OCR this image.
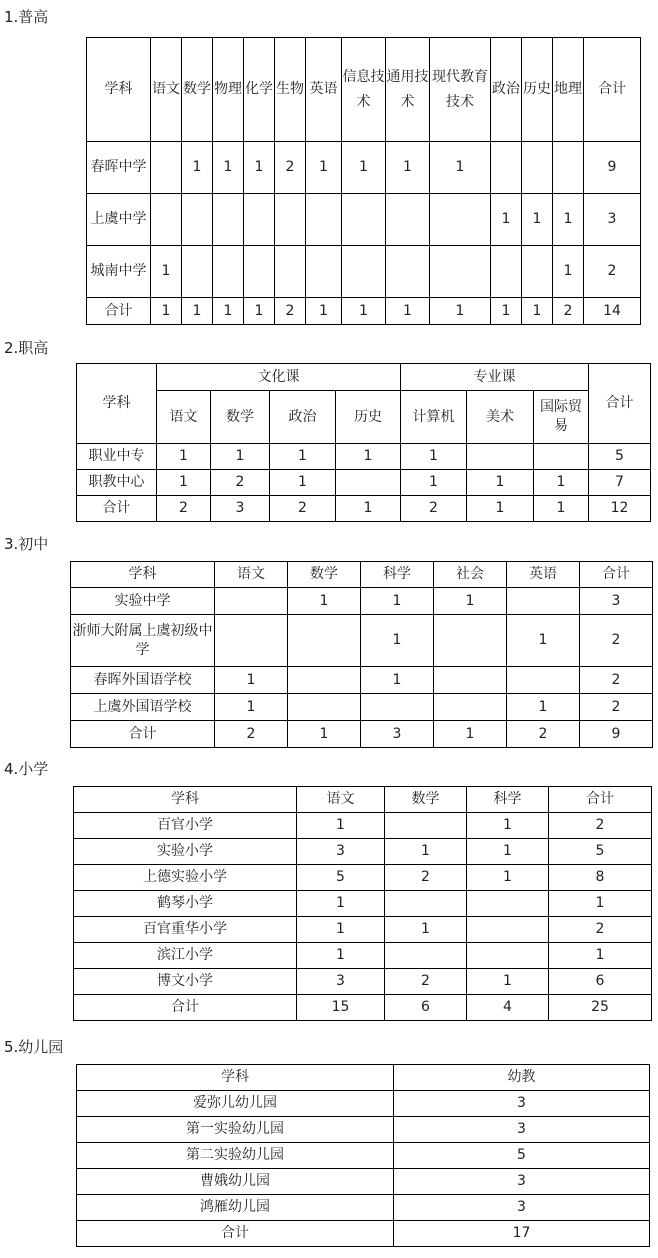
1.普高
2.职高
3.初中
4.小学
5.幼儿园
学科	语文	数学	物理	化学	生物	英语	信息技术	通用技术	现代教育技术	政治	历史	地理	合计
春晖中学		1	1	1	2	1	1	1	1				9
上虞中学										1	1	1	3
城南中学	1											1	2
合计	1	1	1	1	2	1	1	1	1	1	1	2	14
学科	文化课				专业课			合计
	语文	数学	政治	历史	计算机	美术	国际贸易	
职业中专	1	1	1	1	1			5
职教中心	1	2	1		1	1	1	7
合计	2	3	2	1	2	1	1	12
学科	语文	数学	科学	社会	英语	合计
实验中学		1	1	1		3
浙师大附属上虞初级中学			1		1	2
春晖外国语学校	1		1			2
上虞外国语学校	1				1	2
合计	2	1	3	1	2	9
学科	语文	数学	科学	合计
百官小学	1		1	2
实验小学	3	1	1	5
上德实验小学	5	2	1	8
鹤琴小学	1			1
百官重华小学	1	1		2
滨江小学	1			1
博文小学	3	2	1	6
合计	15	6	4	25
学科	幼教
爱弥儿幼儿园	3
第一实验幼儿园	3
第二实验幼儿园	5
曹娥幼儿园	3
鸿雁幼儿园	3
合计	17
